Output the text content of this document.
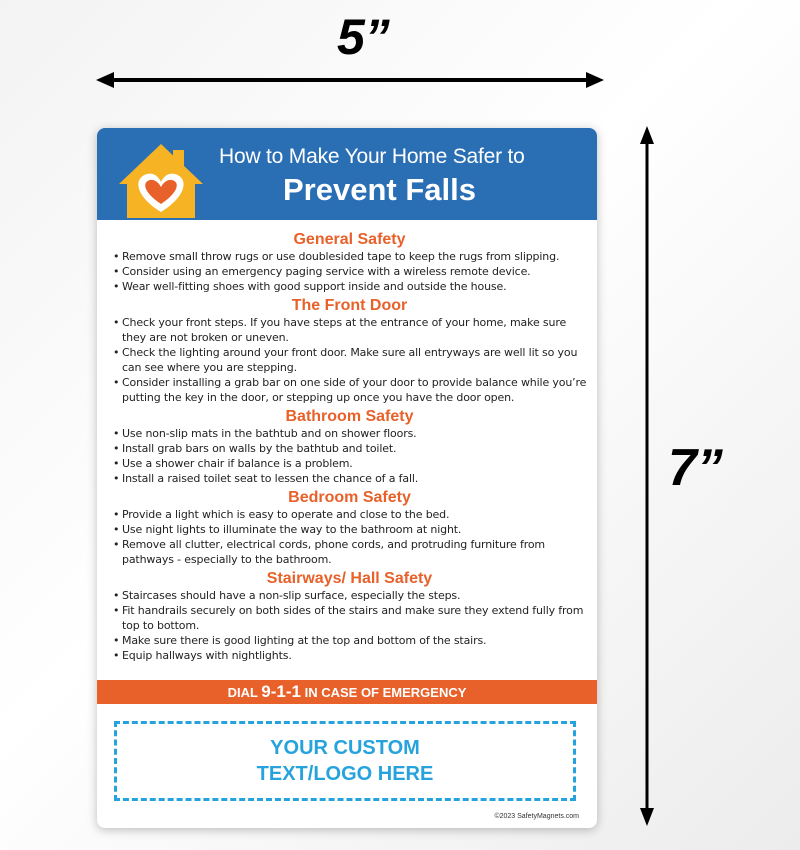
5”
7”
How to Make Your Home Safer to
Prevent Falls
General Safety
• Remove small throw rugs or use doublesided tape to keep the rugs from slipping.
• Consider using an emergency paging service with a wireless remote device.
• Wear well-fitting shoes with good support inside and outside the house.
The Front Door
• Check your front steps. If you have steps at the entrance of your home, make sure they are not broken or uneven.
• Check the lighting around your front door. Make sure all entryways are well lit so you can see where you are stepping.
• Consider installing a grab bar on one side of your door to provide balance while you’re putting the key in the door, or stepping up once you have the door open.
Bathroom Safety
• Use non-slip mats in the bathtub and on shower floors.
• Install grab bars on walls by the bathtub and toilet.
• Use a shower chair if balance is a problem.
• Install a raised toilet seat to lessen the chance of a fall.
Bedroom Safety
• Provide a light which is easy to operate and close to the bed.
• Use night lights to illuminate the way to the bathroom at night.
• Remove all clutter, electrical cords, phone cords, and protruding furniture from pathways - especially to the bathroom.
Stairways/ Hall Safety
• Staircases should have a non-slip surface, especially the steps.
• Fit handrails securely on both sides of the stairs and make sure they extend fully from top to bottom.
• Make sure there is good lighting at the top and bottom of the stairs.
• Equip hallways with nightlights.
DIAL 9-1-1 IN CASE OF EMERGENCY
YOUR CUSTOM
TEXT/LOGO HERE
©2023 SafetyMagnets.com
